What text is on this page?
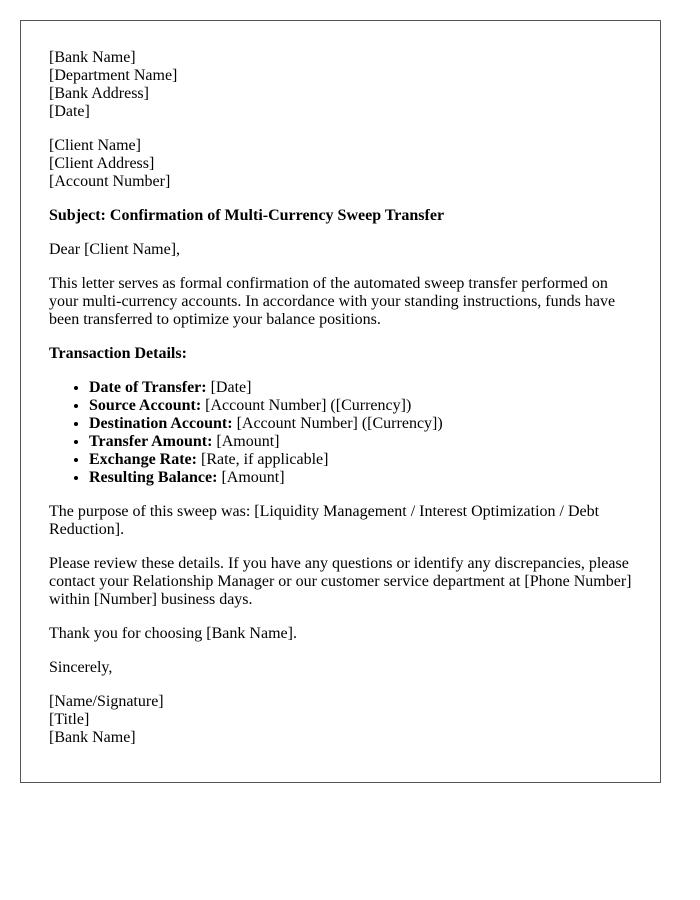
[Bank Name]
[Department Name]
[Bank Address]
[Date]

[Client Name]
[Client Address]
[Account Number]

Subject: Confirmation of Multi-Currency Sweep Transfer

Dear [Client Name],

This letter serves as formal confirmation of the automated sweep transfer performed on your multi-currency accounts. In accordance with your standing instructions, funds have been transferred to optimize your balance positions.

Transaction Details:

• Date of Transfer: [Date]
• Source Account: [Account Number] ([Currency])
• Destination Account: [Account Number] ([Currency])
• Transfer Amount: [Amount]
• Exchange Rate: [Rate, if applicable]
• Resulting Balance: [Amount]

The purpose of this sweep was: [Liquidity Management / Interest Optimization / Debt Reduction].

Please review these details. If you have any questions or identify any discrepancies, please contact your Relationship Manager or our customer service department at [Phone Number] within [Number] business days.

Thank you for choosing [Bank Name].

Sincerely,

[Name/Signature]
[Title]
[Bank Name]
